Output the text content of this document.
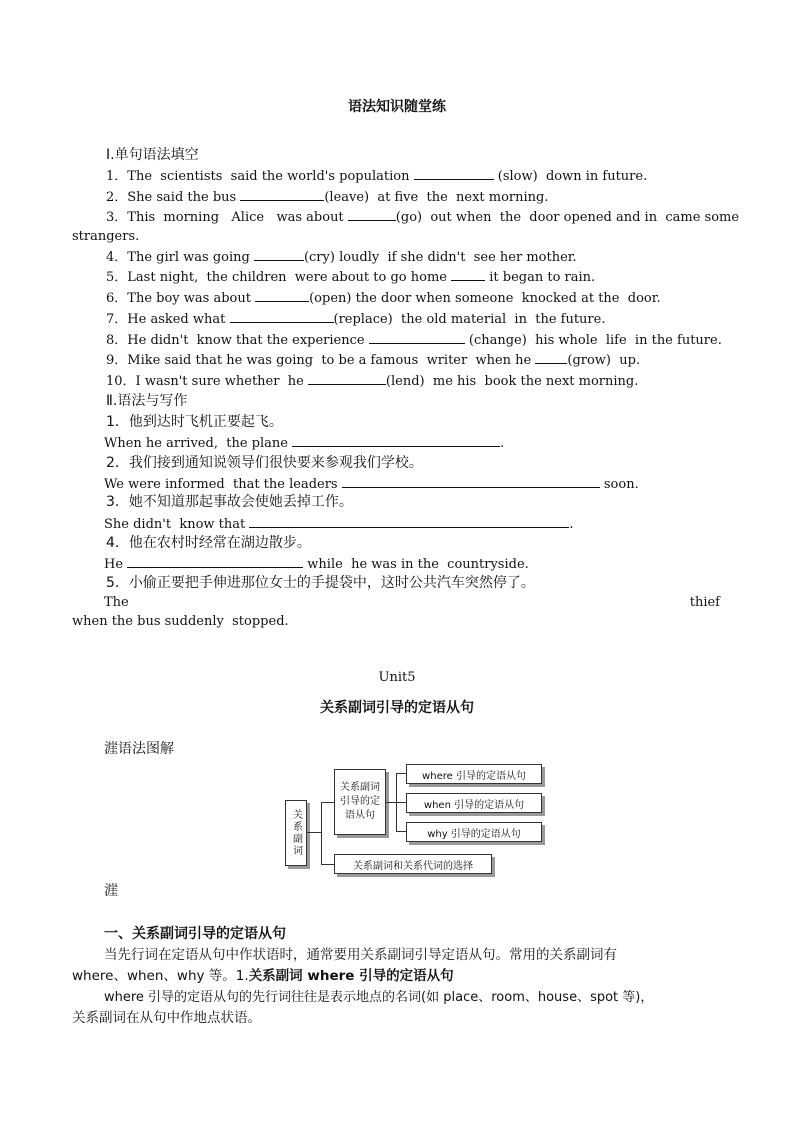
语法知识随堂练
Ⅰ.单句语法填空
1．The  scientists  said the world's population	(slow)  down in future.
2．She said the bus	(leave)  at five  the  next morning.
3．This  morning   Alice   was about	(go)  out when  the  door opened and in  came some
strangers.
4．The girl was going	(cry) loudly  if she didn't  see her mother.
5．Last night,  the children  were about to go home	it began to rain.
6．The boy was about	(open) the door when someone  knocked at the  door.
7．He asked what	(replace)  the old material  in  the future.
8．He didn't  know that the experience	(change)  his whole  life  in the future.
9．Mike said that he was going  to be a famous  writer  when he (grow)  up.
10．I wasn't sure whether  he	(lend)  me his  book the next morning.
Ⅱ.语法与写作
1．他到达时飞机正要起飞。
When he arrived,  the plane	.
2．我们接到通知说领导们很快要来参观我们学校。
We were informed  that the leaders	soon.
3．她不知道那起事故会使她丢掉工作。
She didn't  know that	.
4．他在农村时经常在湖边散步。
He	while  he was in the  countryside.
5．小偷正要把手伸进那位女士的手提袋中，这时公共汽车突然停了。
The	thief
when the bus suddenly  stopped.
Unit5
关系副词引导的定语从句
漄语法图解
关系副词
关系副词引导的定语从句
where 引导的定语从句
when 引导的定语从句
why 引导的定语从句
关系副词和关系代词的选择
漄
一、关系副词引导的定语从句
当先行词在定语从句中作状语时，通常要用关系副词引导定语从句。常用的关系副词有
where、when、why 等。1.关系副词 where 引导的定语从句
where 引导的定语从句的先行词往往是表示地点的名词(如 place、room、house、spot 等)，
关系副词在从句中作地点状语。
